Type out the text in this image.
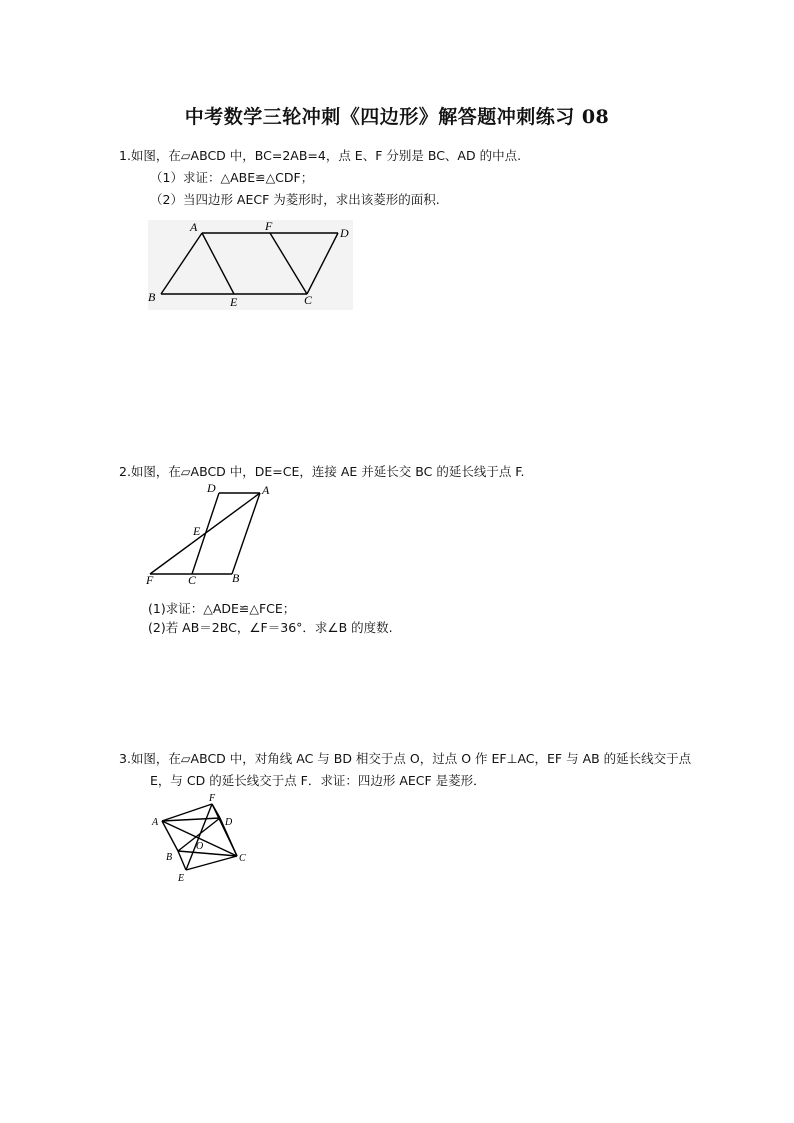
中考数学三轮冲刺《四边形》解答题冲刺练习 08
1.如图，在▱ABCD 中，BC=2AB=4，点 E、F 分别是 BC、AD 的中点.
（1）求证：△ABE≌△CDF；
（2）当四边形 AECF 为菱形时，求出该菱形的面积.
A	F	D
B	E	C
2.如图，在▱ABCD 中，DE=CE，连接 AE 并延长交 BC 的延长线于点 F.
D	A
E
F	C	B
(1)求证：△ADE≌△FCE；
(2)若 AB＝2BC，∠F＝36°．求∠B 的度数.
3.如图，在▱ABCD 中，对角线 AC 与 BD 相交于点 O，过点 O 作 EF⊥AC，EF 与 AB 的延长线交于点
E，与 CD 的延长线交于点 F．求证：四边形 AECF 是菱形．
F
A	D
O
B	C
E
